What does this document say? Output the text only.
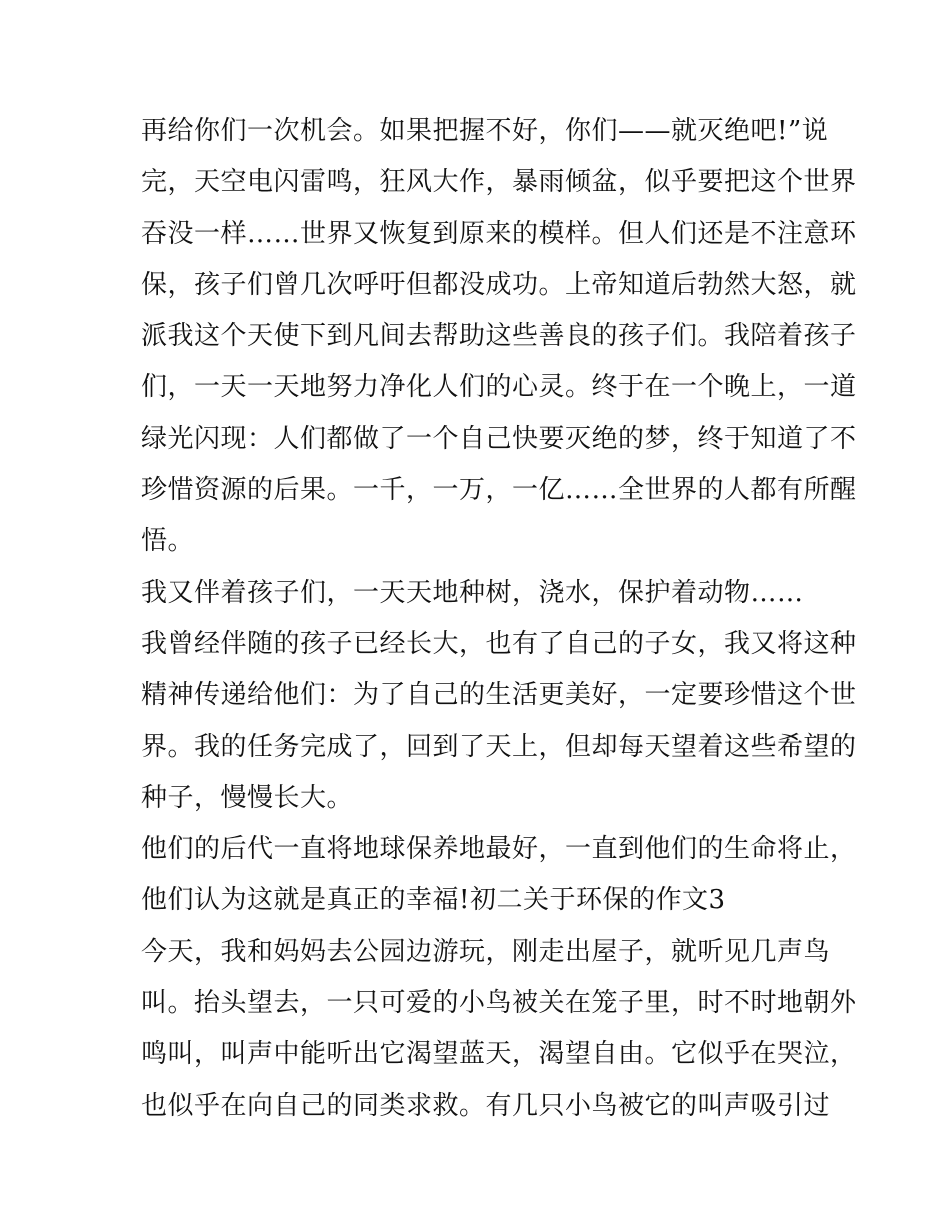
再给你们一次机会。如果把握不好，你们——就灭绝吧!”说
完，天空电闪雷鸣，狂风大作，暴雨倾盆，似乎要把这个世界
吞没一样……世界又恢复到原来的模样。但人们还是不注意环
保，孩子们曾几次呼吁但都没成功。上帝知道后勃然大怒，就
派我这个天使下到凡间去帮助这些善良的孩子们。我陪着孩子
们，一天一天地努力净化人们的心灵。终于在一个晚上，一道
绿光闪现：人们都做了一个自己快要灭绝的梦，终于知道了不
珍惜资源的后果。一千，一万，一亿……全世界的人都有所醒
悟。
我又伴着孩子们，一天天地种树，浇水，保护着动物……
我曾经伴随的孩子已经长大，也有了自己的子女，我又将这种
精神传递给他们：为了自己的生活更美好，一定要珍惜这个世
界。我的任务完成了，回到了天上，但却每天望着这些希望的
种子，慢慢长大。
他们的后代一直将地球保养地最好，一直到他们的生命将止，
他们认为这就是真正的幸福!初二关于环保的作文3
今天，我和妈妈去公园边游玩，刚走出屋子，就听见几声鸟
叫。抬头望去，一只可爱的小鸟被关在笼子里，时不时地朝外
鸣叫，叫声中能听出它渴望蓝天，渴望自由。它似乎在哭泣，
也似乎在向自己的同类求救。有几只小鸟被它的叫声吸引过
